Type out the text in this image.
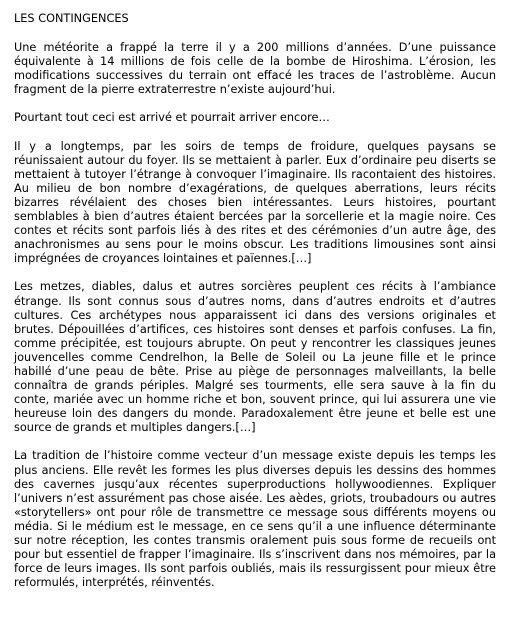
LES CONTINGENCES

Une météorite a frappé la terre il y a 200 millions d’années. D’une puissance équivalente à 14 millions de fois celle de la bombe de Hiroshima. L’érosion, les modifications successives du terrain ont effacé les traces de l’astroblème. Aucun fragment de la pierre extraterrestre n’existe aujourd’hui.

Pourtant tout ceci est arrivé et pourrait arriver encore…

Il y a longtemps, par les soirs de temps de froidure, quelques paysans se réunissaient autour du foyer. Ils se mettaient à parler. Eux d’ordinaire peu diserts se mettaient à tutoyer l’étrange à convoquer l’imaginaire. Ils racontaient des histoires. Au milieu de bon nombre d’exagérations, de quelques aberrations, leurs récits bizarres révélaient des choses bien intéressantes. Leurs histoires, pourtant semblables à bien d’autres étaient bercées par la sorcellerie et la magie noire. Ces contes et récits sont parfois liés à des rites et des cérémonies d’un autre âge, des anachronismes au sens pour le moins obscur. Les traditions limousines sont ainsi imprégnées de croyances lointaines et païennes.[…]

Les metzes, diables, dalus et autres sorcières peuplent ces récits à l’ambiance étrange. Ils sont connus sous d’autres noms, dans d’autres endroits et d’autres cultures. Ces archétypes nous apparaissent ici dans des versions originales et brutes. Dépouillées d’artifices, ces histoires sont denses et parfois confuses. La fin, comme précipitée, est toujours abrupte. On peut y rencontrer les classiques jeunes jouvencelles comme Cendrelhon, la Belle de Soleil ou La jeune fille et le prince habillé d’une peau de bête. Prise au piège de personnages malveillants, la belle connaîtra de grands périples. Malgré ses tourments, elle sera sauve à la fin du conte, mariée avec un homme riche et bon, souvent prince, qui lui assurera une vie heureuse loin des dangers du monde. Paradoxalement être jeune et belle est une source de grands et multiples dangers.[…]

La tradition de l’histoire comme vecteur d’un message existe depuis les temps les plus anciens. Elle revêt les formes les plus diverses depuis les dessins des hommes des cavernes jusqu’aux récentes superproductions hollywoodiennes. Expliquer l’univers n’est assurément pas chose aisée. Les aèdes, griots, troubadours ou autres «storytellers» ont pour rôle de transmettre ce message sous différents moyens ou média. Si le médium est le message, en ce sens qu’il a une influence déterminante sur notre réception, les contes transmis oralement puis sous forme de recueils ont pour but essentiel de frapper l’imaginaire. Ils s’inscrivent dans nos mémoires, par la force de leurs images. Ils sont parfois oubliés, mais ils ressurgissent pour mieux être reformulés, interprétés, réinventés.
